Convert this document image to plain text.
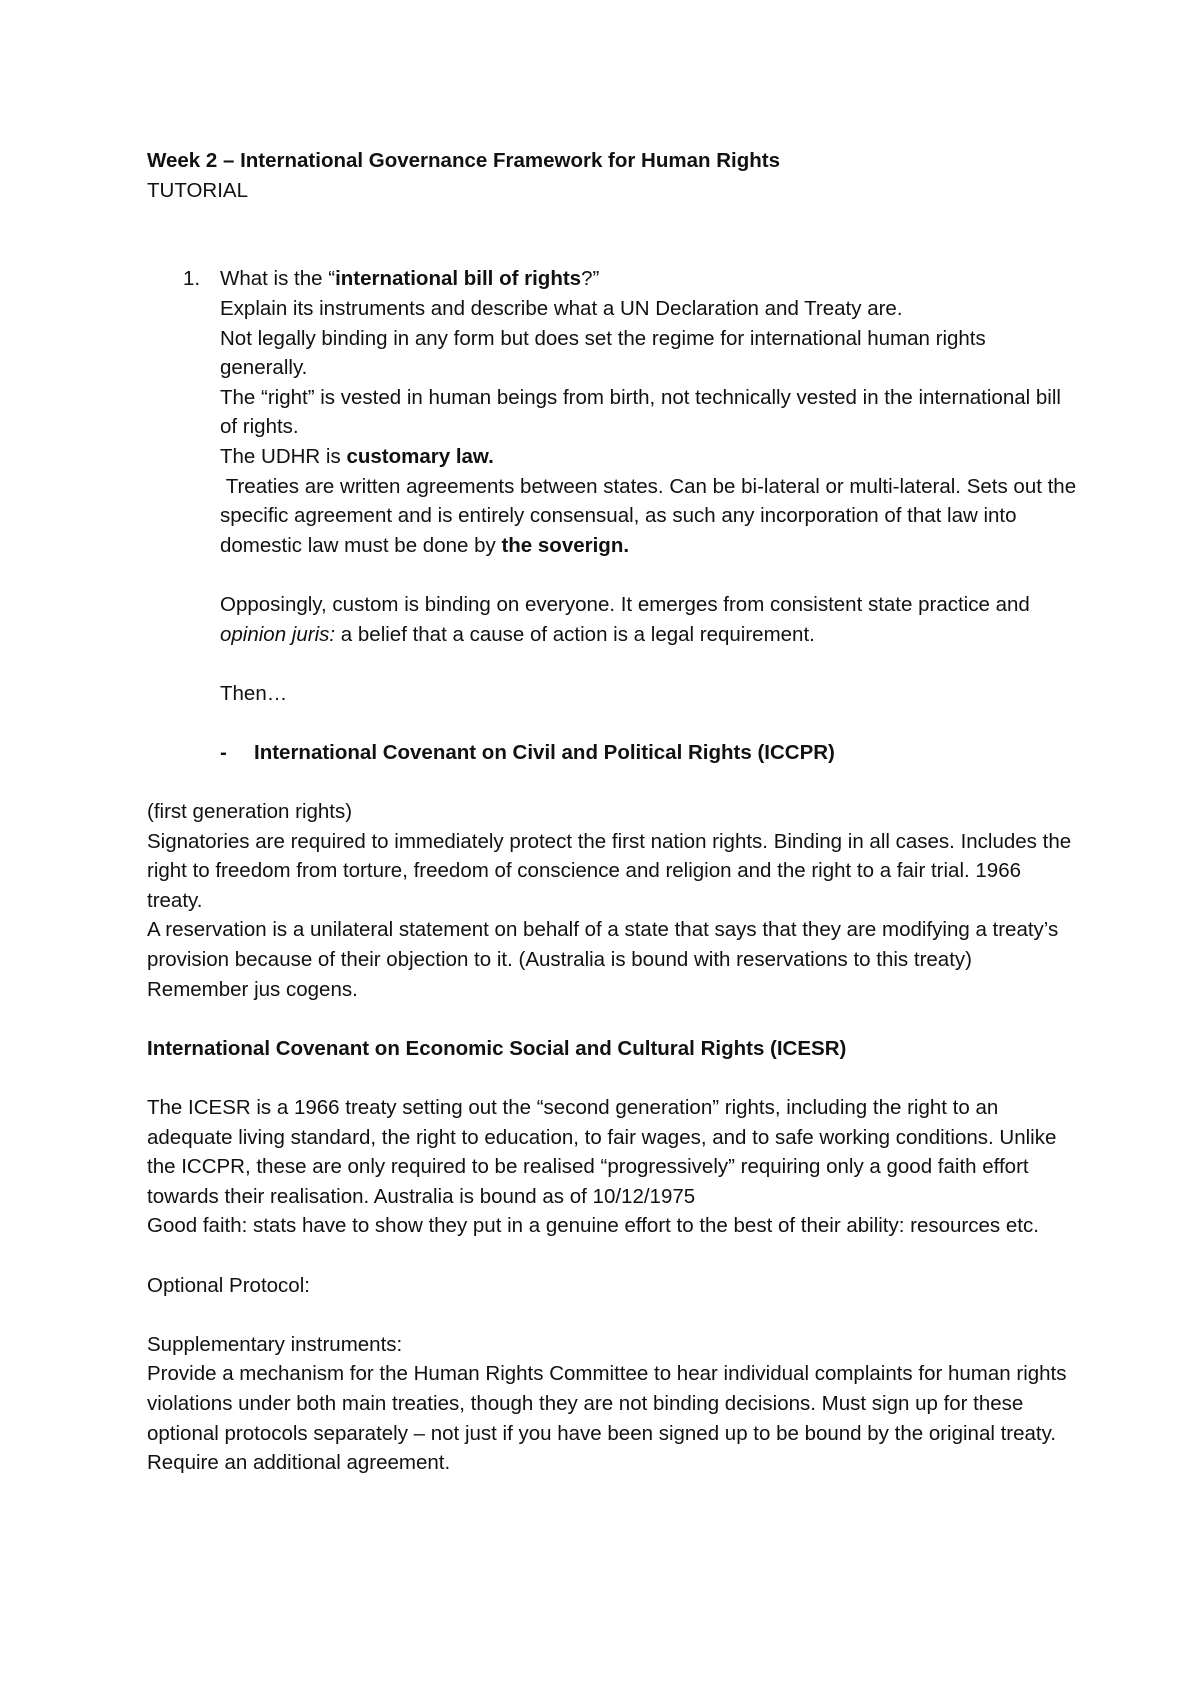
Week 2 – International Governance Framework for Human Rights

TUTORIAL

1. What is the “international bill of rights?”

Explain its instruments and describe what a UN Declaration and Treaty are.

Not legally binding in any form but does set the regime for international human rights generally.

The “right” is vested in human beings from birth, not technically vested in the international bill of rights.

The UDHR is customary law.

Treaties are written agreements between states. Can be bi-lateral or multi-lateral. Sets out the specific agreement and is entirely consensual, as such any incorporation of that law into domestic law must be done by the soverign.

Opposingly, custom is binding on everyone. It emerges from consistent state practice and opinion juris: a belief that a cause of action is a legal requirement.

Then…

- International Covenant on Civil and Political Rights (ICCPR)

(first generation rights)

Signatories are required to immediately protect the first nation rights. Binding in all cases. Includes the right to freedom from torture, freedom of conscience and religion and the right to a fair trial. 1966 treaty.

A reservation is a unilateral statement on behalf of a state that says that they are modifying a treaty’s provision because of their objection to it. (Australia is bound with reservations to this treaty)

Remember jus cogens.

International Covenant on Economic Social and Cultural Rights (ICESR)

The ICESR is a 1966 treaty setting out the “second generation” rights, including the right to an adequate living standard, the right to education, to fair wages, and to safe working conditions. Unlike the ICCPR, these are only required to be realised “progressively” requiring only a good faith effort towards their realisation. Australia is bound as of 10/12/1975

Good faith: stats have to show they put in a genuine effort to the best of their ability: resources etc.

Optional Protocol:

Supplementary instruments:

Provide a mechanism for the Human Rights Committee to hear individual complaints for human rights violations under both main treaties, though they are not binding decisions. Must sign up for these optional protocols separately – not just if you have been signed up to be bound by the original treaty. Require an additional agreement.
